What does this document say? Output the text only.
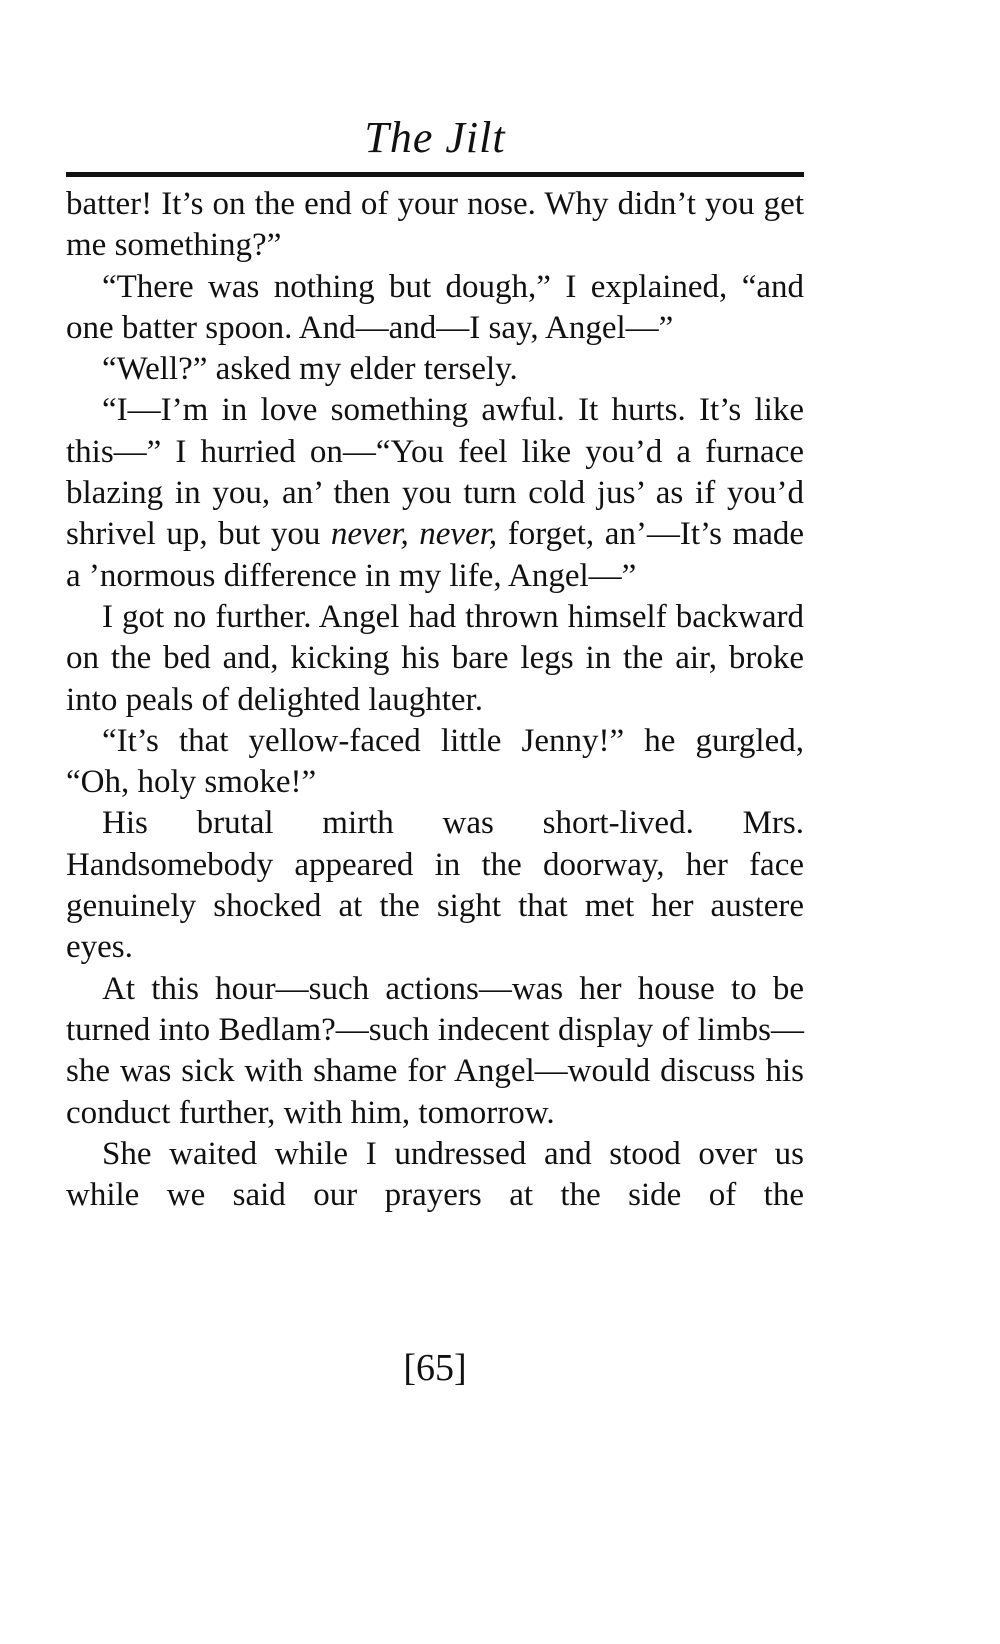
The Jilt

batter! It’s on the end of your nose. Why didn’t you get me something?”

“There was nothing but dough,” I explained, “and one batter spoon. And—and—I say, Angel—”

“Well?” asked my elder tersely.

“I—I’m in love something awful. It hurts. It’s like this—” I hurried on—“You feel like you’d a furnace blazing in you, an’ then you turn cold jus’ as if you’d shrivel up, but you never, never, forget, an’—It’s made a ’normous difference in my life, Angel—”

I got no further. Angel had thrown himself backward on the bed and, kicking his bare legs in the air, broke into peals of delighted laughter.

“It’s that yellow-faced little Jenny!” he gurgled, “Oh, holy smoke!”

His brutal mirth was short-lived. Mrs. Handsomebody appeared in the doorway, her face genuinely shocked at the sight that met her austere eyes.

At this hour—such actions—was her house to be turned into Bedlam?—such indecent display of limbs—she was sick with shame for Angel—would discuss his conduct further, with him, tomorrow.

She waited while I undressed and stood over us while we said our prayers at the side of the

[65]
